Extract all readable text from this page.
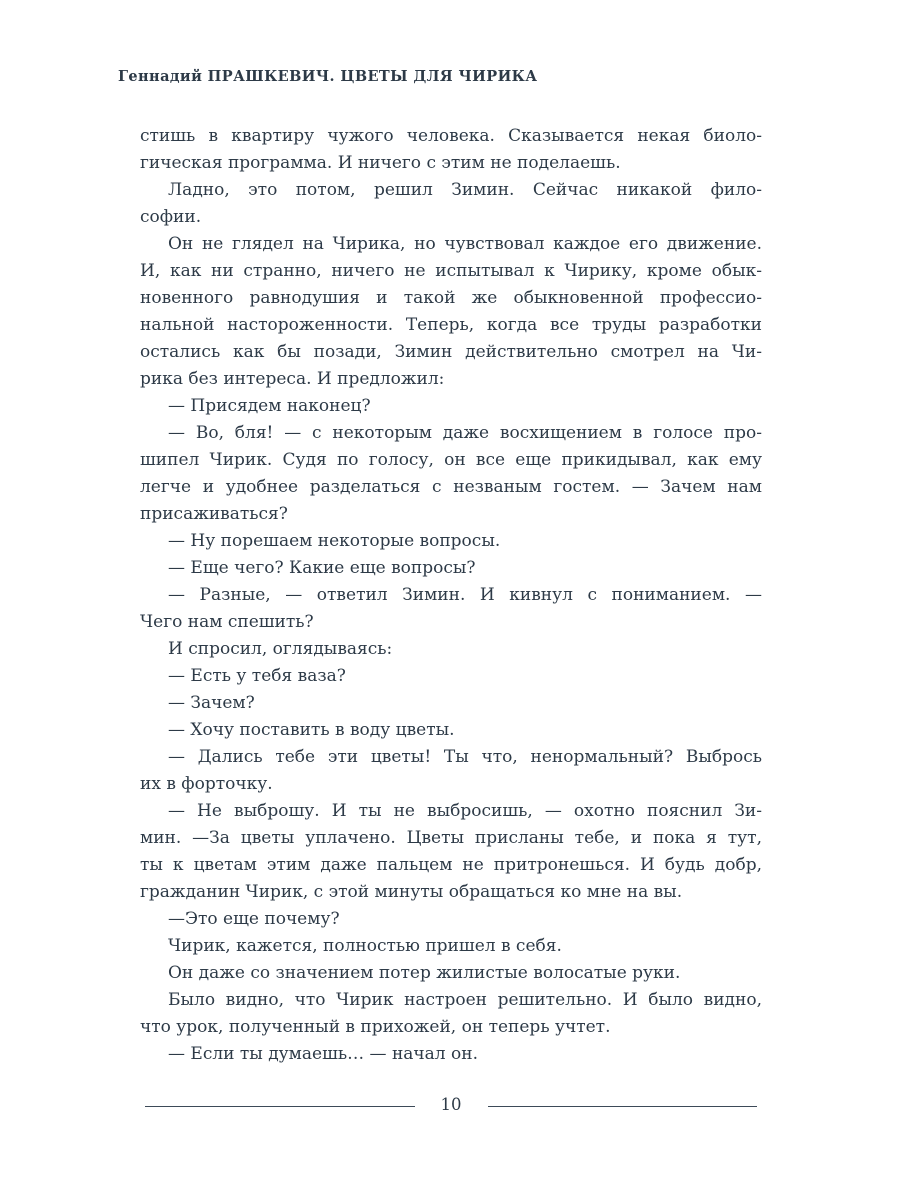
Геннадий ПРАШКЕВИЧ. ЦВЕТЫ ДЛЯ ЧИРИКА
стишь в квартиру чужого человека. Сказывается некая биоло-
гическая программа. И ничего с этим не поделаешь.
Ладно, это потом, решил Зимин. Сейчас никакой фило-
софии.
Он не глядел на Чирика, но чувствовал каждое его движение.
И, как ни странно, ничего не испытывал к Чирику, кроме обык-
новенного равнодушия и такой же обыкновенной профессио-
нальной настороженности. Теперь, когда все труды разработки
остались как бы позади, Зимин действительно смотрел на Чи-
рика без интереса. И предложил:
— Присядем наконец?
— Во, бля! — с некоторым даже восхищением в голосе про-
шипел Чирик. Судя по голосу, он все еще прикидывал, как ему
легче и удобнее разделаться с незваным гостем. — Зачем нам
присаживаться?
— Ну порешаем некоторые вопросы.
— Еще чего? Какие еще вопросы?
— Разные, — ответил Зимин. И кивнул с пониманием. —
Чего нам спешить?
И спросил, оглядываясь:
— Есть у тебя ваза?
— Зачем?
— Хочу поставить в воду цветы.
— Дались тебе эти цветы! Ты что, ненормальный? Выбрось
их в форточку.
— Не выброшу. И ты не выбросишь, — охотно пояснил Зи-
мин. —За цветы уплачено. Цветы присланы тебе, и пока я тут,
ты к цветам этим даже пальцем не притронешься. И будь добр,
гражданин Чирик, с этой минуты обращаться ко мне на вы.
—Это еще почему?
Чирик, кажется, полностью пришел в себя.
Он даже со значением потер жилистые волосатые руки.
Было видно, что Чирик настроен решительно. И было видно,
что урок, полученный в прихожей, он теперь учтет.
— Если ты думаешь… — начал он.
10
